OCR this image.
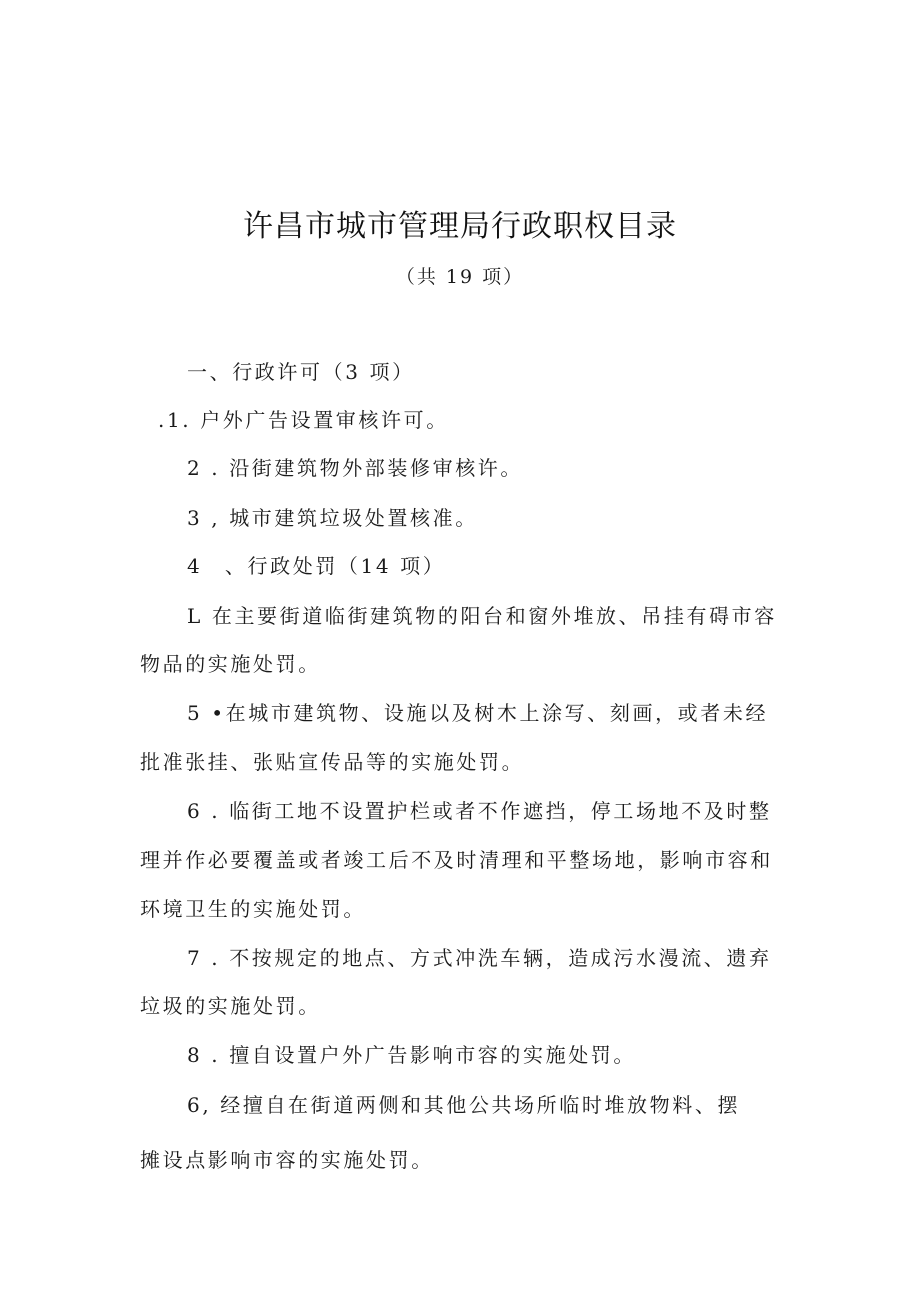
许昌市城市管理局行政职权目录
（共 19 项）
一、行政许可（3 项）
.1. 户外广告设置审核许可。
2 . 沿街建筑物外部装修审核许。
3 , 城市建筑垃圾处置核准。
4　、行政处罚（14 项）
L 在主要街道临街建筑物的阳台和窗外堆放、吊挂有碍市容
物品的实施处罚。
5 •在城市建筑物、设施以及树木上涂写、刻画，或者未经
批准张挂、张贴宣传品等的实施处罚。
6 . 临街工地不设置护栏或者不作遮挡，停工场地不及时整
理并作必要覆盖或者竣工后不及时清理和平整场地，影响市容和
环境卫生的实施处罚。
7 . 不按规定的地点、方式冲洗车辆，造成污水漫流、遗弃
垃圾的实施处罚。
8 . 擅自设置户外广告影响市容的实施处罚。
6, 经擅自在街道两侧和其他公共场所临时堆放物料、摆
摊设点影响市容的实施处罚。
